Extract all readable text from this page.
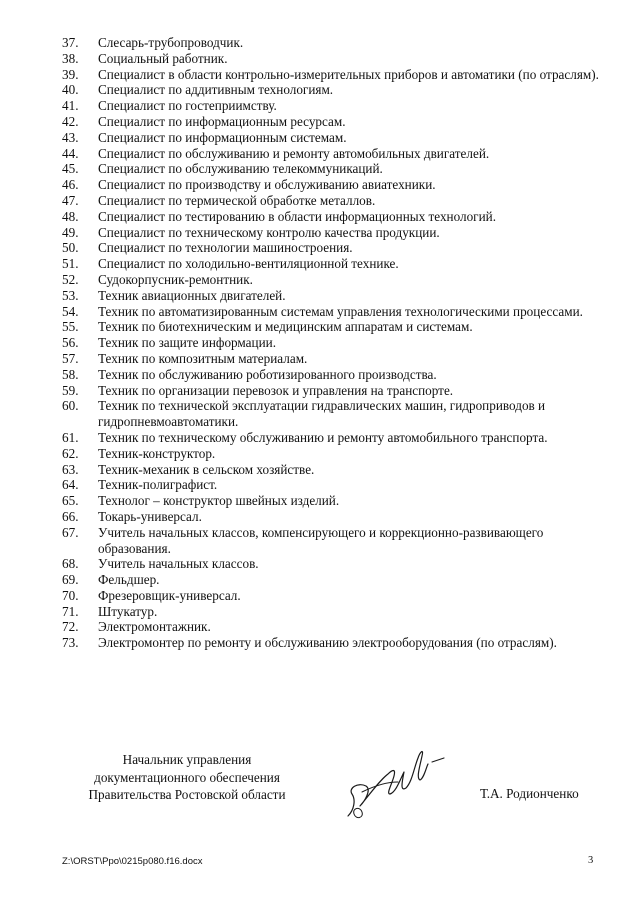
37.	Слесарь-трубопроводчик.
38.	Социальный работник.
39.	Специалист в области контрольно-измерительных приборов и автоматики (по отраслям).
40.	Специалист по аддитивным технологиям.
41.	Специалист по гостеприимству.
42.	Специалист по информационным ресурсам.
43.	Специалист по информационным системам.
44.	Специалист по обслуживанию и ремонту автомобильных двигателей.
45.	Специалист по обслуживанию телекоммуникаций.
46.	Специалист по производству и обслуживанию авиатехники.
47.	Специалист по термической обработке металлов.
48.	Специалист по тестированию в области информационных технологий.
49.	Специалист по техническому контролю качества продукции.
50.	Специалист по технологии машиностроения.
51.	Специалист по холодильно-вентиляционной технике.
52.	Судокорпусник-ремонтник.
53.	Техник авиационных двигателей.
54.	Техник по автоматизированным системам управления технологическими процессами.
55.	Техник по биотехническим и медицинским аппаратам и системам.
56.	Техник по защите информации.
57.	Техник по композитным материалам.
58.	Техник по обслуживанию роботизированного производства.
59.	Техник по организации перевозок и управления на транспорте.
60.	Техник по технической эксплуатации гидравлических машин, гидроприводов и гидропневмоавтоматики.
61.	Техник по техническому обслуживанию и ремонту автомобильного транспорта.
62.	Техник-конструктор.
63.	Техник-механик в сельском хозяйстве.
64.	Техник-полиграфист.
65.	Технолог – конструктор швейных изделий.
66.	Токарь-универсал.
67.	Учитель начальных классов, компенсирующего и коррекционно-развивающего образования.
68.	Учитель начальных классов.
69.	Фельдшер.
70.	Фрезеровщик-универсал.
71.	Штукатур.
72.	Электромонтажник.
73.	Электромонтер по ремонту и обслуживанию электрооборудования (по отраслям).
Начальник управления
документационного обеспечения
Правительства Ростовской области	Т.А. Родионченко
Z:\ORST\Ppo\0215p080.f16.docx	3
